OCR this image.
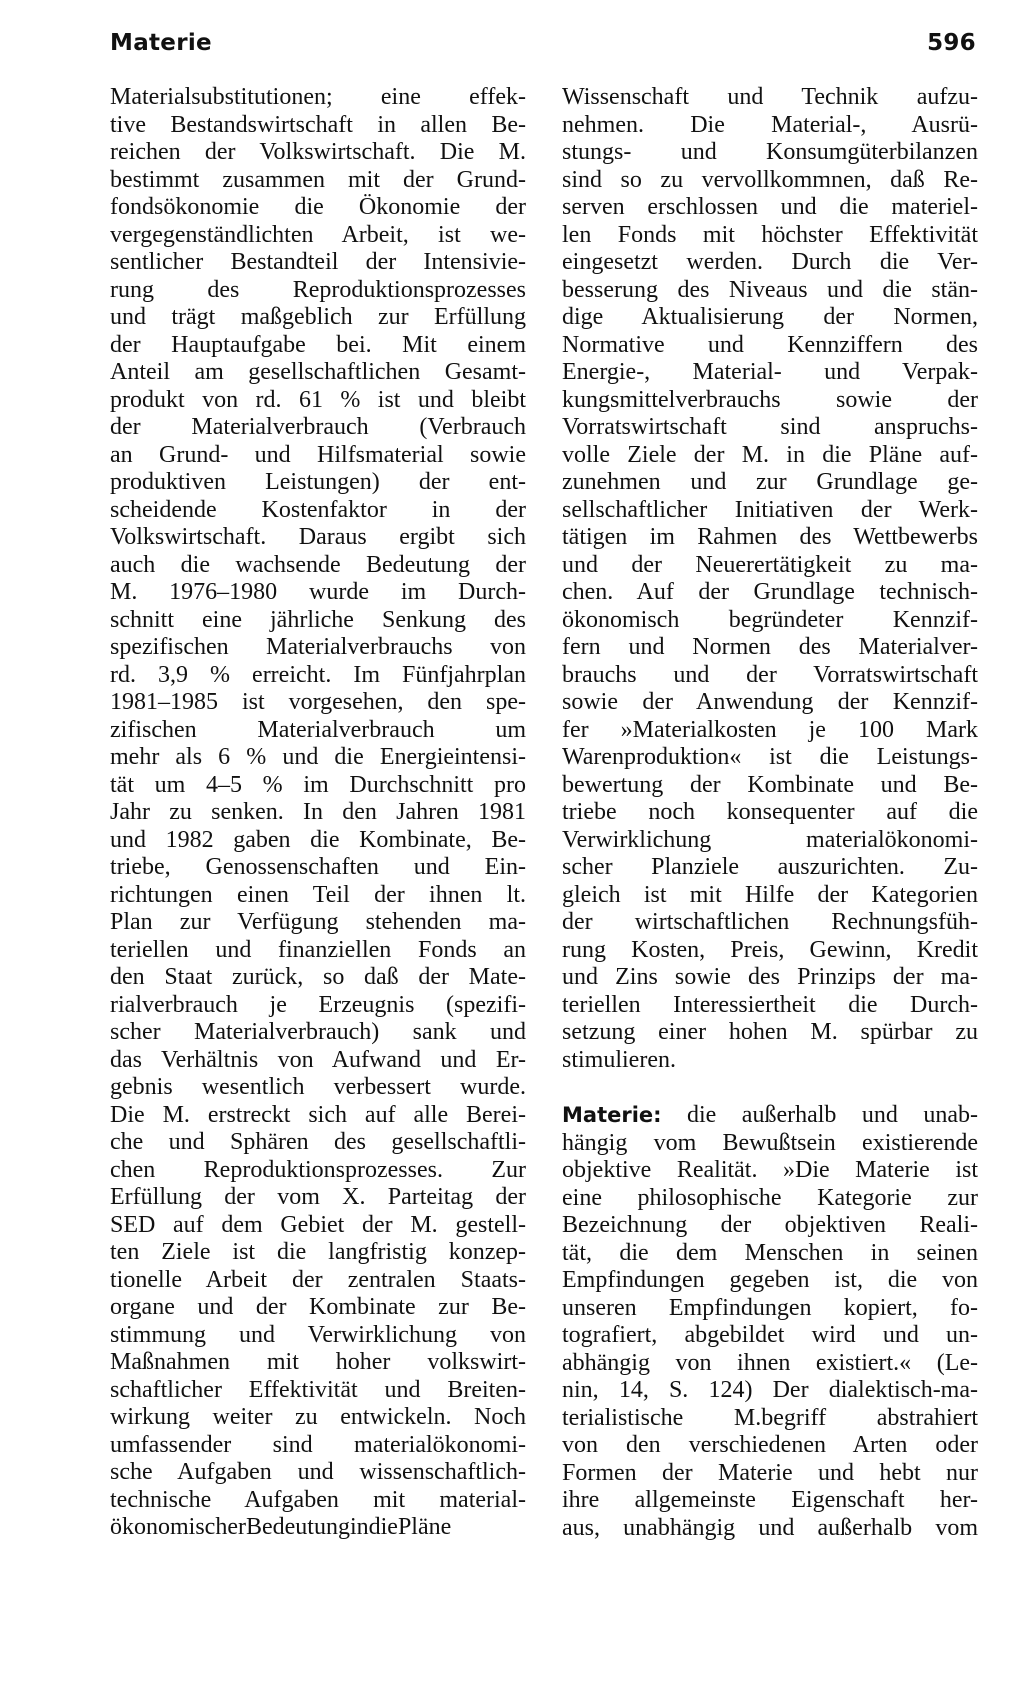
Materie	596

Materialsubstitutionen; eine effek-

tive Bestandswirtschaft in allen Be-

reichen der Volkswirtschaft. Die M.

bestimmt zusammen mit der Grund-

fondsökonomie die Ökonomie der

vergegenständlichten Arbeit, ist we-

sentlicher Bestandteil der Intensivie-

rung des Reproduktionsprozesses

und trägt maßgeblich zur Erfüllung

der Hauptaufgabe bei. Mit einem

Anteil am gesellschaftlichen Gesamt-

produkt von rd. 61 % ist und bleibt

der Materialverbrauch (Verbrauch

an Grund- und Hilfsmaterial sowie

produktiven Leistungen) der ent-

scheidende Kostenfaktor in der

Volkswirtschaft. Daraus ergibt sich

auch die wachsende Bedeutung der

M. 1976–1980 wurde im Durch-

schnitt eine jährliche Senkung des

spezifischen Materialverbrauchs von

rd. 3,9 % erreicht. Im Fünfjahrplan

1981–1985 ist vorgesehen, den spe-

zifischen Materialverbrauch um

mehr als 6 % und die Energieintensi-

tät um 4–5 % im Durchschnitt pro

Jahr zu senken. In den Jahren 1981

und 1982 gaben die Kombinate, Be-

triebe, Genossenschaften und Ein-

richtungen einen Teil der ihnen lt.

Plan zur Verfügung stehenden ma-

teriellen und finanziellen Fonds an

den Staat zurück, so daß der Mate-

rialverbrauch je Erzeugnis (spezifi-

scher Materialverbrauch) sank und

das Verhältnis von Aufwand und Er-

gebnis wesentlich verbessert wurde.

Die M. erstreckt sich auf alle Berei-

che und Sphären des gesellschaftli-

chen Reproduktionsprozesses. Zur

Erfüllung der vom X. Parteitag der

SED auf dem Gebiet der M. gestell-

ten Ziele ist die langfristig konzep-

tionelle Arbeit der zentralen Staats-

organe und der Kombinate zur Be-

stimmung und Verwirklichung von

Maßnahmen mit hoher volkswirt-

schaftlicher Effektivität und Breiten-

wirkung weiter zu entwickeln. Noch

umfassender sind materialökonomi-

sche Aufgaben und wissenschaftlich-

technische Aufgaben mit material-

ökonomischerBedeutungindiePläne

Wissenschaft und Technik aufzu-

nehmen. Die Material-, Ausrü-

stungs- und Konsumgüterbilanzen

sind so zu vervollkommnen, daß Re-

serven erschlossen und die materiel-

len Fonds mit höchster Effektivität

eingesetzt werden. Durch die Ver-

besserung des Niveaus und die stän-

dige Aktualisierung der Normen,

Normative und Kennziffern des

Energie-, Material- und Verpak-

kungsmittelverbrauchs sowie der

Vorratswirtschaft sind anspruchs-

volle Ziele der M. in die Pläne auf-

zunehmen und zur Grundlage ge-

sellschaftlicher Initiativen der Werk-

tätigen im Rahmen des Wettbewerbs

und der Neuerertätigkeit zu ma-

chen. Auf der Grundlage technisch-

ökonomisch begründeter Kennzif-

fern und Normen des Materialver-

brauchs und der Vorratswirtschaft

sowie der Anwendung der Kennzif-

fer »Materialkosten je 100 Mark

Warenproduktion« ist die Leistungs-

bewertung der Kombinate und Be-

triebe noch konsequenter auf die

Verwirklichung materialökonomi-

scher Planziele auszurichten. Zu-

gleich ist mit Hilfe der Kategorien

der wirtschaftlichen Rechnungsfüh-

rung Kosten, Preis, Gewinn, Kredit

und Zins sowie des Prinzips der ma-

teriellen Interessiertheit die Durch-

setzung einer hohen M. spürbar zu

stimulieren.

Materie: die außerhalb und unab-

hängig vom Bewußtsein existierende

objektive Realität. »Die Materie ist

eine philosophische Kategorie zur

Bezeichnung der objektiven Reali-

tät, die dem Menschen in seinen

Empfindungen gegeben ist, die von

unseren Empfindungen kopiert, fo-

tografiert, abgebildet wird und un-

abhängig von ihnen existiert.« (Le-

nin, 14, S. 124) Der dialektisch-ma-

terialistische M.begriff abstrahiert

von den verschiedenen Arten oder

Formen der Materie und hebt nur

ihre allgemeinste Eigenschaft her-

aus, unabhängig und außerhalb vom
